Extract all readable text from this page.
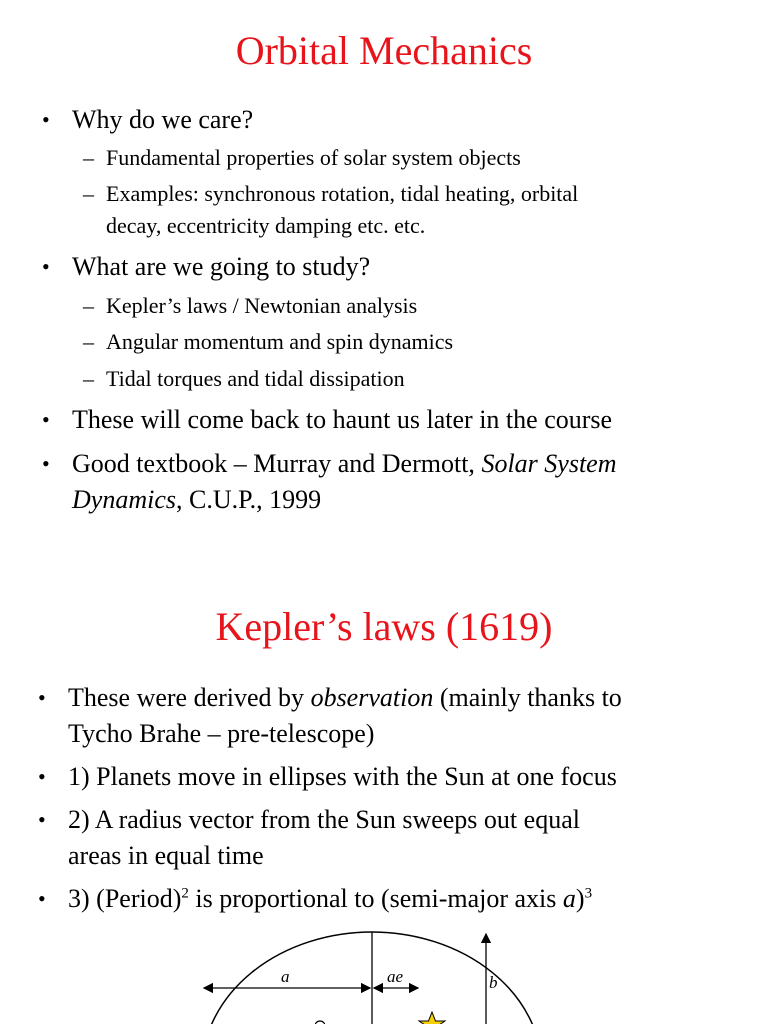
Orbital Mechanics
• Why do we care?
– Fundamental properties of solar system objects
– Examples: synchronous rotation, tidal heating, orbital
decay, eccentricity damping etc. etc.
• What are we going to study?
– Kepler’s laws / Newtonian analysis
– Angular momentum and spin dynamics
– Tidal torques and tidal dissipation
• These will come back to haunt us later in the course
• Good textbook – Murray and Dermott, Solar System
Dynamics, C.U.P., 1999
Kepler’s laws (1619)
• These were derived by observation (mainly thanks to
Tycho Brahe – pre-telescope)
• 1) Planets move in ellipses with the Sun at one focus
• 2) A radius vector from the Sun sweeps out equal
areas in equal time
• 3) (Period)$^2$ is proportional to (semi-major axis a)$^3$
a	ae	b
